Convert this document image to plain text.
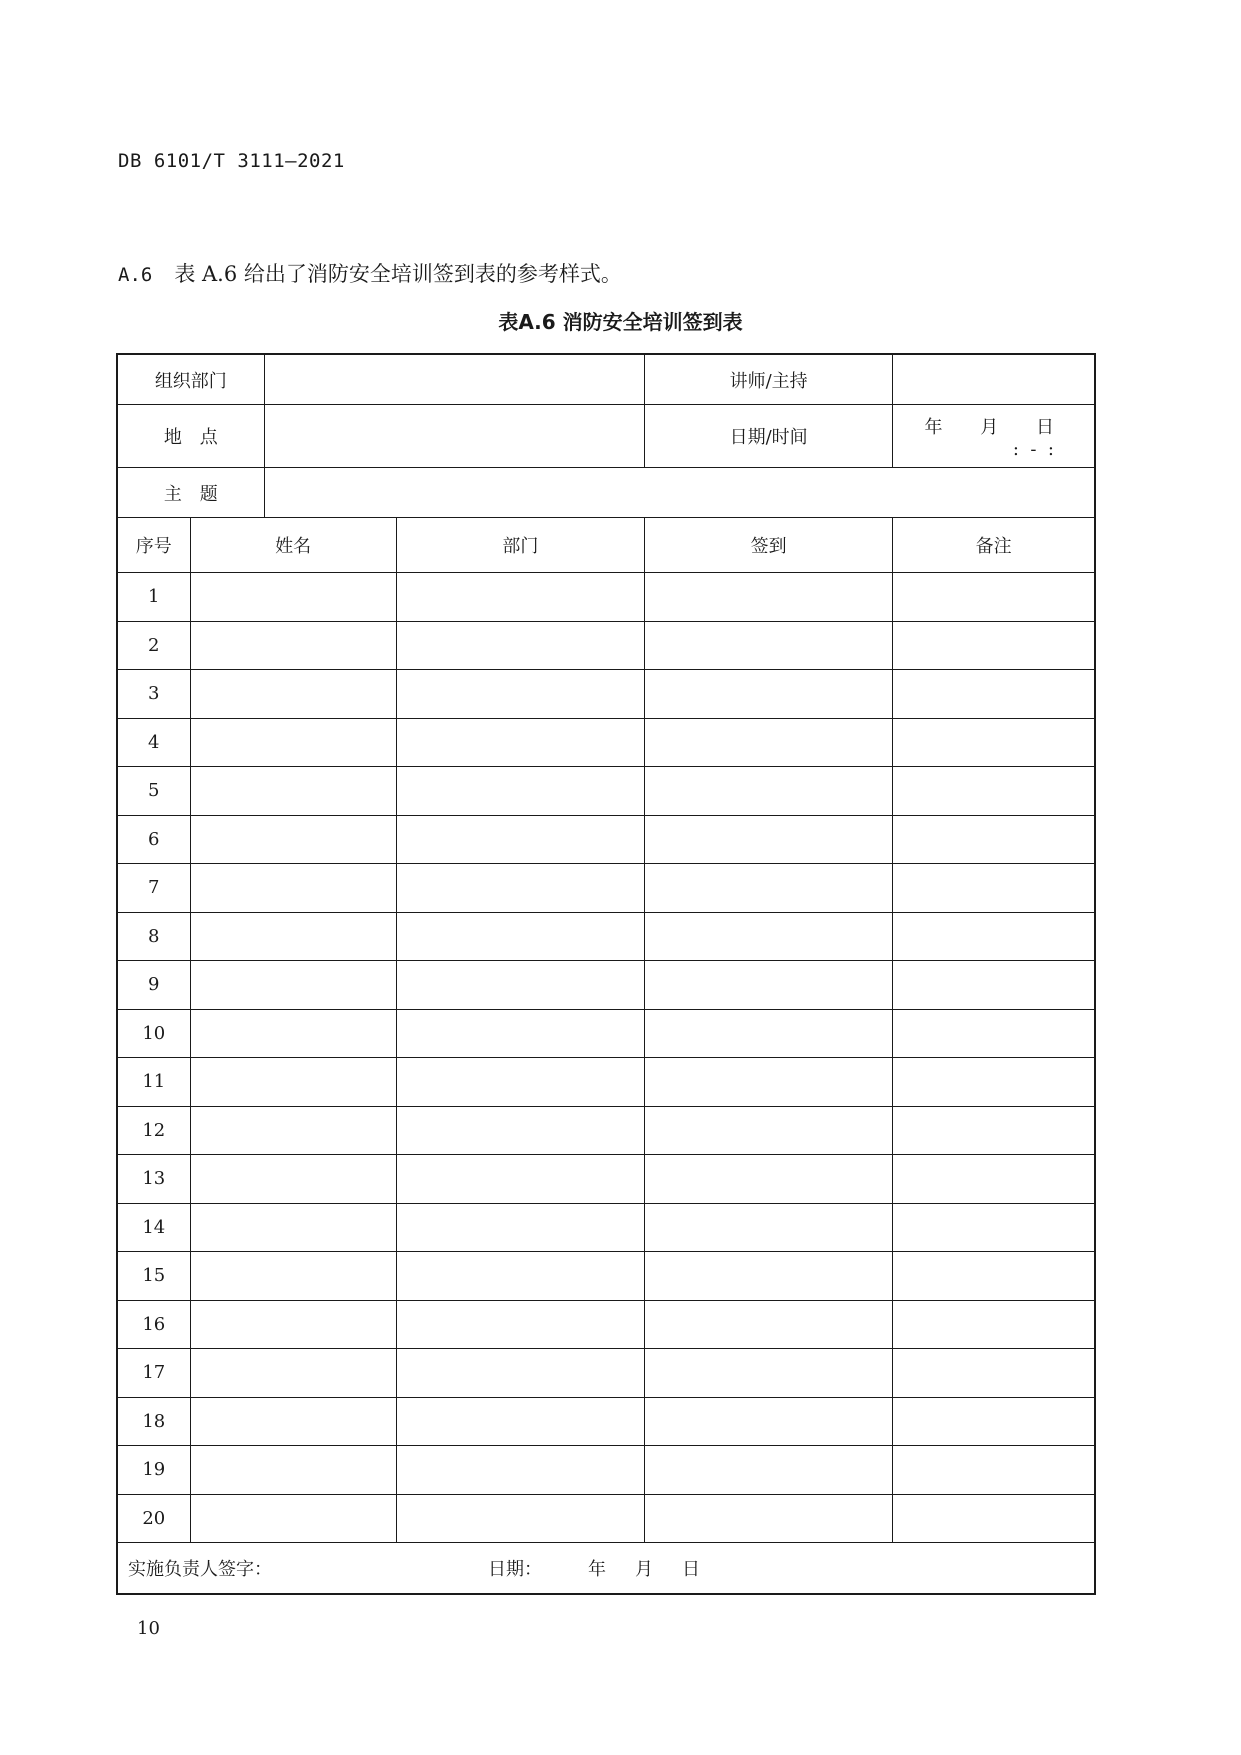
DB 6101/T 3111—2021
A.6 表 A.6 给出了消防安全培训签到表的参考样式。
表A.6 消防安全培训签到表
组织部门				讲师/主持	
地　点				日期/时间	年 月 日 :  -  :
主　题					
序号	姓名		部门	签到	备注
1					
2					
3					
4					
5					
6					
7					
8					
9					
10					
11					
12					
13					
14					
15					
16					
17					
18					
19					
20					
实施负责人签字： 日期： 年 月 日					
10
